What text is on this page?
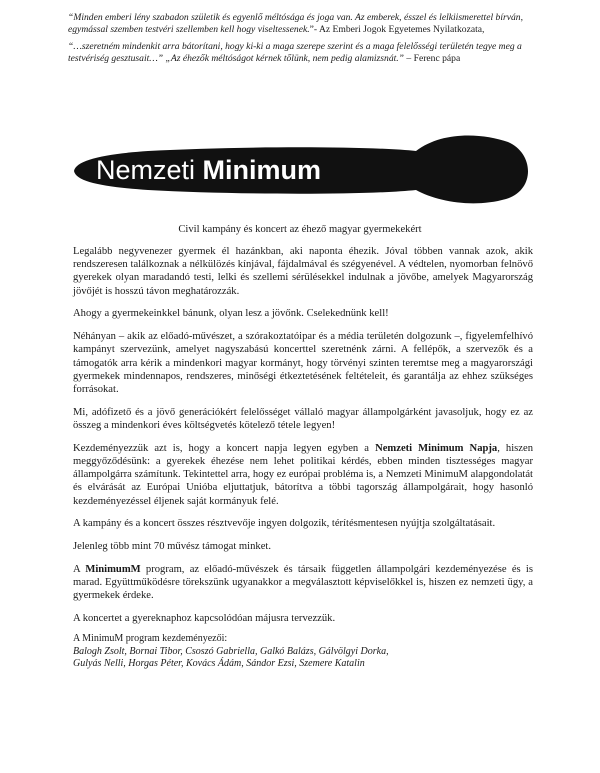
“Minden emberi lény szabadon születik és egyenlő méltósága és joga van. Az emberek, ésszel és lelkiismerettel bírván, egymással szemben testvéri szellemben kell hogy viseltessenek.”- Az Emberi Jogok Egyetemes Nyilatkozata,

“…szeretném mindenkit arra bátorítani, hogy ki-ki a maga szerepe szerint és a maga felelősségi területén tegye meg a testvériség gesztusait…” „Az éhezők méltóságot kérnek tőlünk, nem pedig alamizsnát.” – Ferenc pápa

Nemzeti Minimum
Civil kampány és koncert az éhező magyar gyermekekért

Legalább negyvenezer gyermek él hazánkban, aki naponta éhezik. Jóval többen vannak azok, akik rendszeresen találkoznak a nélkülözés kínjával, fájdalmával és szégyenével. A védtelen, nyomorban felnövő gyerekek olyan maradandó testi, lelki és szellemi sérülésekkel indulnak a jövőbe, amelyek Magyarország jövőjét is hosszú távon meghatározzák.

Ahogy a gyermekeinkkel bánunk, olyan lesz a jövőnk. Cselekednünk kell!

Néhányan – akik az előadó-művészet, a szórakoztatóipar és a média területén dolgozunk –, figyelemfelhívó kampányt szervezünk, amelyet nagyszabású koncerttel szeretnénk zárni. A fellépők, a szervezők és a támogatók arra kérik a mindenkori magyar kormányt, hogy törvényi szinten teremtse meg a magyarországi gyermekek mindennapos, rendszeres, minőségi étkeztetésének feltételeit, és garantálja az ehhez szükséges forrásokat.

Mi, adófizető és a jövő generációkért felelősséget vállaló magyar állampolgárként javasoljuk, hogy ez az összeg a mindenkori éves költségvetés kötelező tétele legyen!

Kezdeményezzük azt is, hogy a koncert napja legyen egyben a Nemzeti Minimum Napja, hiszen meggyőződésünk: a gyerekek éhezése nem lehet politikai kérdés, ebben minden tisztességes magyar állampolgárra számítunk. Tekintettel arra, hogy ez európai probléma is, a Nemzeti MinimuM alapgondolatát és elvárását az Európai Unióba eljuttatjuk, bátorítva a többi tagország állampolgárait, hogy hasonló kezdeményezéssel éljenek saját kormányuk felé.

A kampány és a koncert összes résztvevője ingyen dolgozik, térítésmentesen nyújtja szolgáltatásait.

Jelenleg több mint 70 művész támogat minket.

A MinimumM program, az előadó-művészek és társaik független állampolgári kezdeményezése és is marad. Együttműködésre törekszünk ugyanakkor a megválasztott képviselőkkel is, hiszen ez nemzeti ügy, a gyermekek érdeke.

A koncertet a gyereknaphoz kapcsolódóan májusra tervezzük.

A MinimuM program kezdeményezői:
Balogh Zsolt, Bornai Tibor, Csoszó Gabriella, Galkó Balázs, Gálvölgyi Dorka,
Gulyás Nelli, Horgas Péter, Kovács Ádám, Sándor Ezsi, Szemere Katalin
